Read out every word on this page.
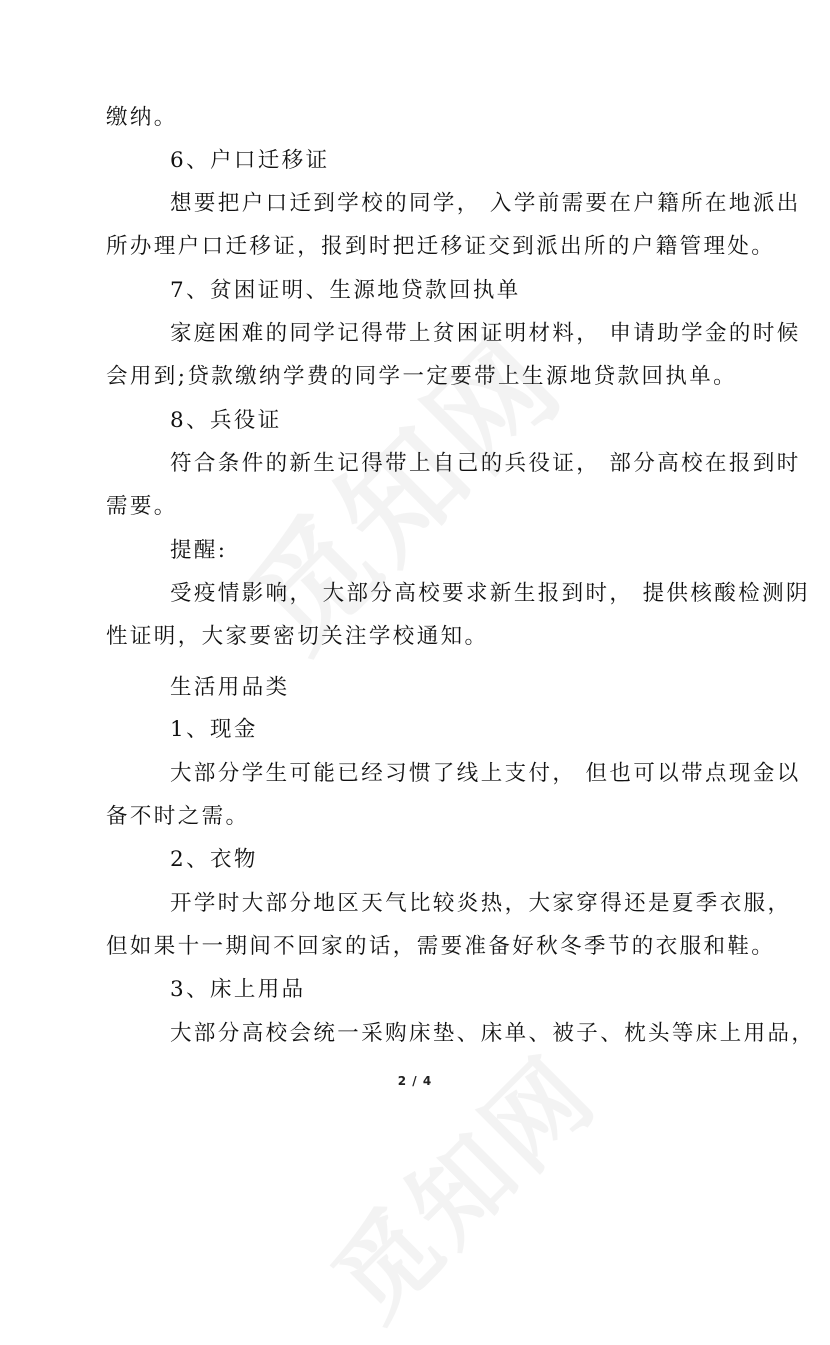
缴纳。
6、户口迁移证
想要把户口迁到学校的同学， 入学前需要在户籍所在地派出
所办理户口迁移证，报到时把迁移证交到派出所的户籍管理处。
7、贫困证明、生源地贷款回执单
家庭困难的同学记得带上贫困证明材料， 申请助学金的时候
会用到;贷款缴纳学费的同学一定要带上生源地贷款回执单。
8、兵役证
符合条件的新生记得带上自己的兵役证， 部分高校在报到时
需要。
提醒:
受疫情影响， 大部分高校要求新生报到时， 提供核酸检测阴
性证明，大家要密切关注学校通知。
生活用品类
1、现金
大部分学生可能已经习惯了线上支付， 但也可以带点现金以
备不时之需。
2、衣物
开学时大部分地区天气比较炎热，大家穿得还是夏季衣服，
但如果十一期间不回家的话，需要准备好秋冬季节的衣服和鞋。
3、床上用品
大部分高校会统一采购床垫、床单、被子、枕头等床上用品，
2 / 4
